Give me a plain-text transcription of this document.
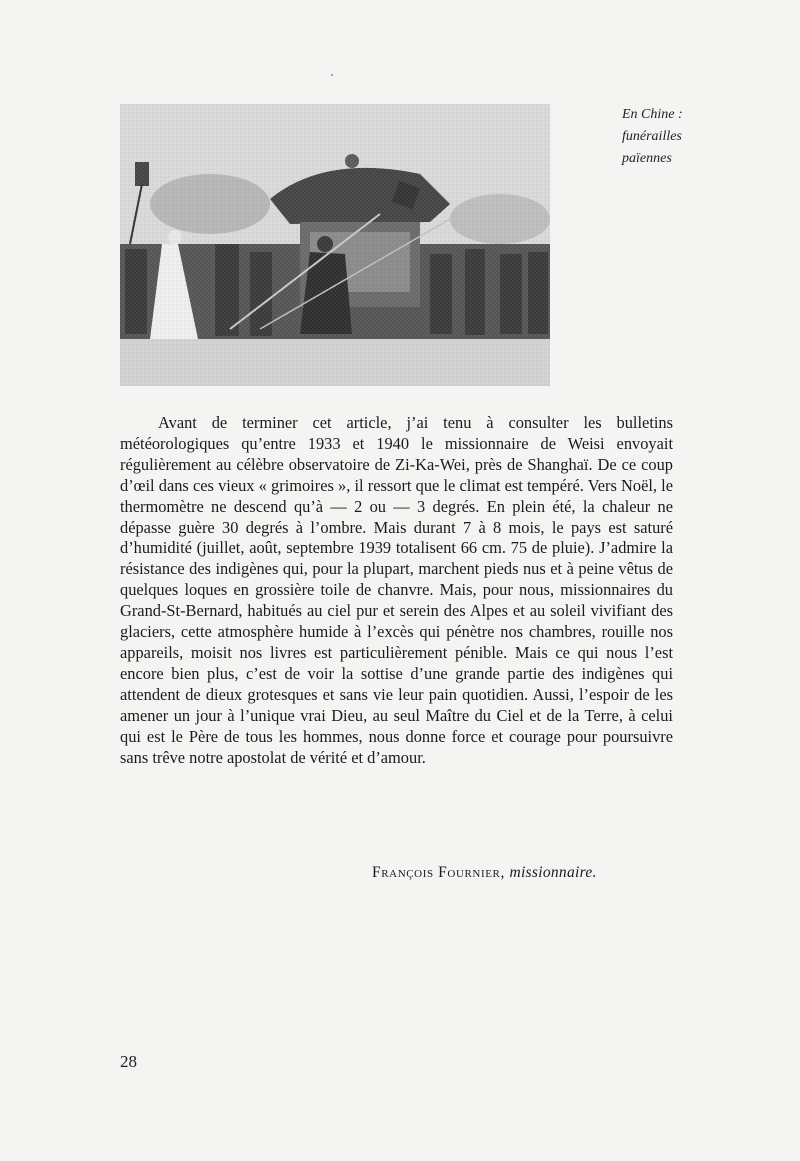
En Chine :
funérailles
païennes

Avant de terminer cet article, j’ai tenu à consulter les bulletins météorologiques qu’entre 1933 et 1940 le missionnaire de Weisi envoyait régulièrement au célèbre observatoire de Zi-Ka-Wei, près de Shanghaï. De ce coup d’œil dans ces vieux « grimoires », il ressort que le climat est tempéré. Vers Noël, le thermomètre ne descend qu’à — 2 ou — 3 degrés. En plein été, la chaleur ne dépasse guère 30 degrés à l’ombre. Mais durant 7 à 8 mois, le pays est saturé d’humidité (juillet, août, septembre 1939 totalisent 66 cm. 75 de pluie). J’admire la résistance des indigènes qui, pour la plupart, marchent pieds nus et à peine vêtus de quelques loques en grossière toile de chanvre. Mais, pour nous, missionnaires du Grand-St-Bernard, habitués au ciel pur et serein des Alpes et au soleil vivifiant des glaciers, cette atmosphère humide à l’excès qui pénètre nos chambres, rouille nos appareils, moisit nos livres est particulièrement pénible. Mais ce qui nous l’est encore bien plus, c’est de voir la sottise d’une grande partie des indigènes qui attendent de dieux grotesques et sans vie leur pain quotidien. Aussi, l’espoir de les amener un jour à l’unique vrai Dieu, au seul Maître du Ciel et de la Terre, à celui qui est le Père de tous les hommes, nous donne force et courage pour poursuivre sans trêve notre apostolat de vérité et d’amour.

François Fournier, missionnaire.
28
